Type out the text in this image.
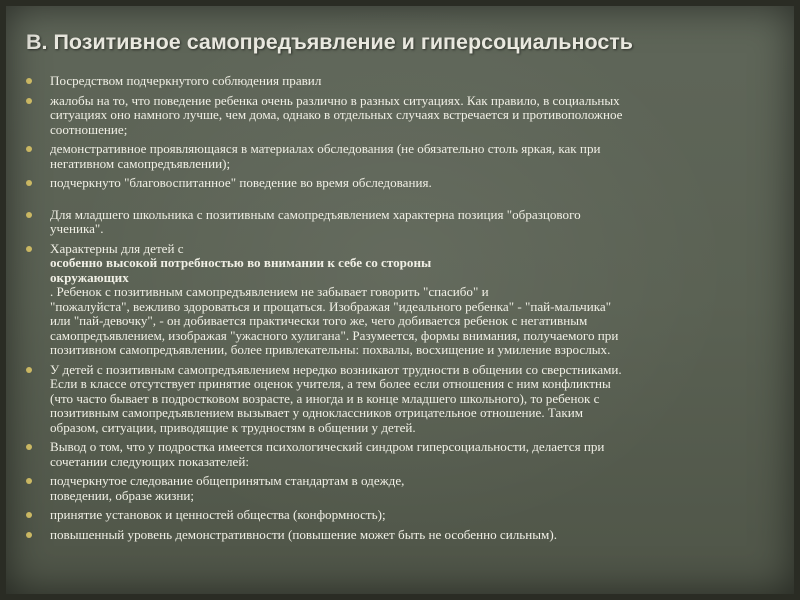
В. Позитивное самопредъявление и гиперсоциальность
Посредством подчеркнутого соблюдения правил
жалобы на то, что поведение ребенка очень различно в разных ситуациях. Как правило, в социальных
ситуациях оно намного лучше, чем дома, однако в отдельных случаях встречается и противоположное
соотношение;
демонстративное проявляющаяся в материалах обследования (не обязательно столь яркая, как при
негативном самопредъявлении);
подчеркнуто "благовоспитанное" поведение во время обследования.
Для младшего школьника с позитивным самопредъявлением характерна позиция "образцового
ученика".
Характерны для детей с
особенно высокой потребностью во внимании к себе со стороны
окружающих
. Ребенок с позитивным самопредъявлением не забывает говорить "спасибо" и
"пожалуйста", вежливо здороваться и прощаться. Изображая "идеального ребенка" - "пай-мальчика"
или "пай-девочку", - он добивается практически того же, чего добивается ребенок с негативным
самопредъявлением, изображая "ужасного хулигана". Разумеется, формы внимания, получаемого при
позитивном самопредъявлении, более привлекательны: похвалы, восхищение и умиление взрослых.
У детей с позитивным самопредъявлением нередко возникают трудности в общении со сверстниками.
Если в классе отсутствует принятие оценок учителя, а тем более если отношения с ним конфликтны
(что часто бывает в подростковом возрасте, а иногда и в конце младшего школьного), то ребенок с
позитивным самопредъявлением вызывает у одноклассников отрицательное отношение. Таким
образом, ситуации, приводящие к трудностям в общении у детей.
Вывод о том, что у подростка имеется психологический синдром гиперсоциальности, делается при
сочетании следующих показателей:
подчеркнутое следование общепринятым стандартам в одежде,
поведении, образе жизни;
принятие установок и ценностей общества (конформность);
повышенный уровень демонстративности (повышение может быть не особенно сильным).
